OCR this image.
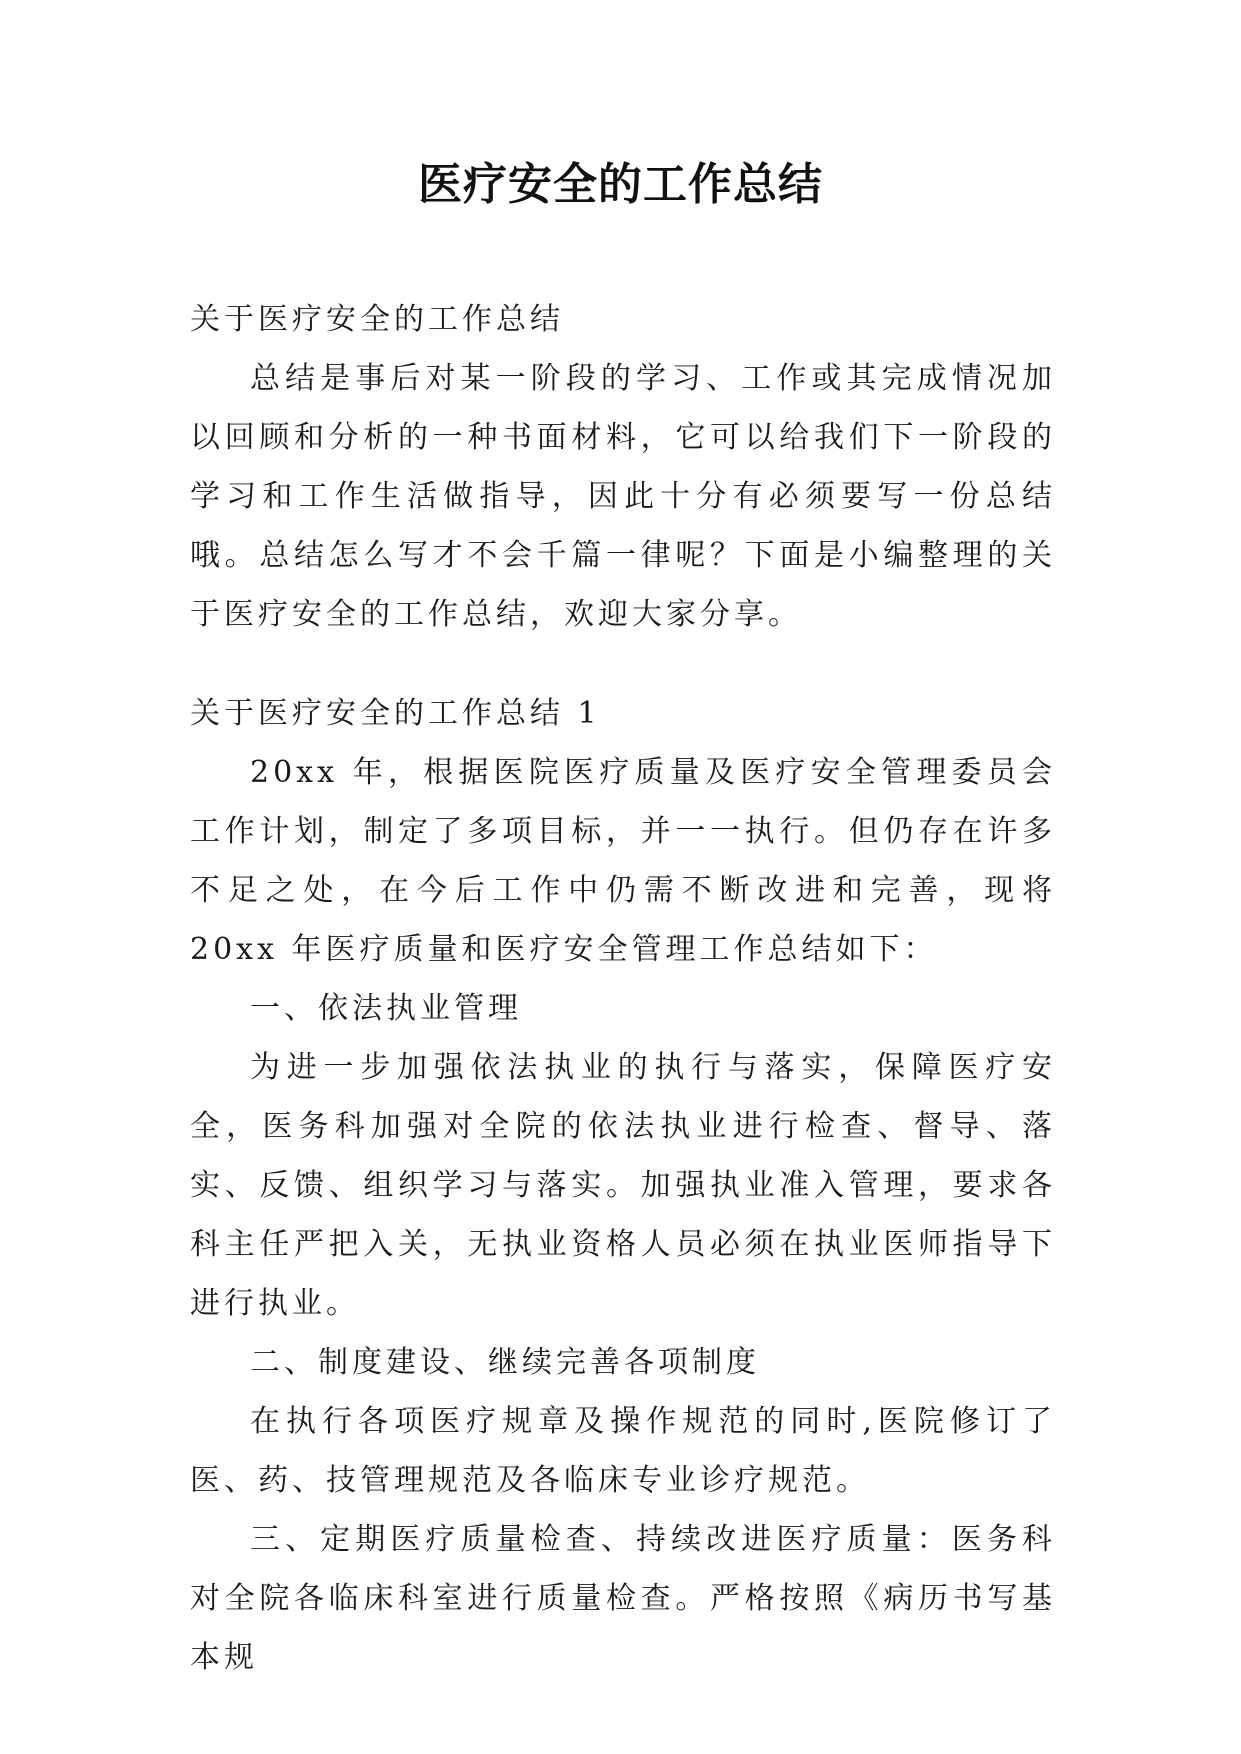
医疗安全的工作总结

关于医疗安全的工作总结

总结是事后对某一阶段的学习、工作或其完成情况加以回顾和分析的一种书面材料，它可以给我们下一阶段的学习和工作生活做指导，因此十分有必须要写一份总结哦。总结怎么写才不会千篇一律呢？下面是小编整理的关于医疗安全的工作总结，欢迎大家分享。

关于医疗安全的工作总结 1

20xx 年，根据医院医疗质量及医疗安全管理委员会工作计划，制定了多项目标，并一一执行。但仍存在许多不足之处，在今后工作中仍需不断改进和完善，现将 20xx 年医疗质量和医疗安全管理工作总结如下：

一、依法执业管理

为进一步加强依法执业的执行与落实，保障医疗安全，医务科加强对全院的依法执业进行检查、督导、落实、反馈、组织学习与落实。加强执业准入管理，要求各科主任严把入关，无执业资格人员必须在执业医师指导下进行执业。

二、制度建设、继续完善各项制度

在执行各项医疗规章及操作规范的同时,医院修订了医、药、技管理规范及各临床专业诊疗规范。

三、定期医疗质量检查、持续改进医疗质量：医务科对全院各临床科室进行质量检查。严格按照《病历书写基本规
